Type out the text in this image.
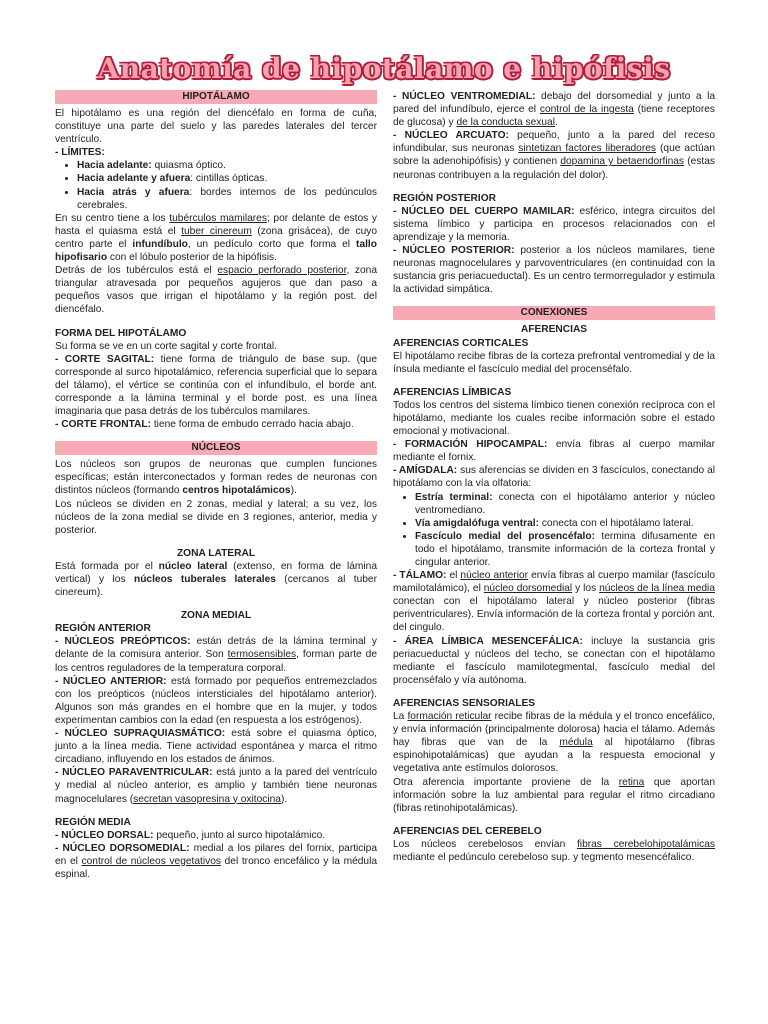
Anatomía de hipotálamo e hipófisis
HIPOTÁLAMO

El hipotálamo es una región del diencéfalo en forma de cuña, constituye una parte del suelo y las paredes laterales del tercer ventrículo.

- LÍMITES:

• Hacia adelante: quiasma óptico.
• Hacia adelante y afuera: cintillas ópticas.
• Hacia atrás y afuera: bordes internos de los pedúnculos cerebrales.

En su centro tiene a los tubérculos mamilares; por delante de estos y hasta el quiasma está el tuber cinereum (zona grisácea), de cuyo centro parte el infundíbulo, un pedículo corto que forma el tallo hipofisario con el lóbulo posterior de la hipófisis.

Detrás de los tubérculos está el espacio perforado posterior, zona triangular atravesada por pequeños agujeros que dan paso a pequeños vasos que irrigan el hipotálamo y la región post. del diencéfalo.

FORMA DEL HIPOTÁLAMO

Su forma se ve en un corte sagital y corte frontal.

- CORTE SAGITAL: tiene forma de triángulo de base sup. (que corresponde al surco hipotalámico, referencia superficial que lo separa del tálamo), el vértice se continúa con el infundíbulo, el borde ant. corresponde a la lámina terminal y el borde post. es una línea imaginaria que pasa detrás de los tubérculos mamilares.

- CORTE FRONTAL: tiene forma de embudo cerrado hacia abajo.

NÚCLEOS

Los núcleos son grupos de neuronas que cumplen funciones específicas; están interconectados y forman redes de neuronas con distintos núcleos (formando centros hipotalámicos).

Los núcleos se dividen en 2 zonas, medial y lateral; a su vez, los núcleos de la zona medial se divide en 3 regiones, anterior, media y posterior.

ZONA LATERAL

Está formada por el núcleo lateral (extenso, en forma de lámina vertical) y los núcleos tuberales laterales (cercanos al tuber cinereum).

ZONA MEDIAL

REGIÓN ANTERIOR

- NÚCLEOS PREÓPTICOS: están detrás de la lámina terminal y delante de la comisura anterior. Son termosensibles, forman parte de los centros reguladores de la temperatura corporal.

- NÚCLEO ANTERIOR: está formado por pequeños entremezclados con los preópticos (núcleos intersticiales del hipotálamo anterior). Algunos son más grandes en el hombre que en la mujer, y todos experimentan cambios con la edad (en respuesta a los estrógenos).

- NÚCLEO SUPRAQUIASMÁTICO: está sobre el quiasma óptico, junto a la línea media. Tiene actividad espontánea y marca el ritmo circadiano, influyendo en los estados de ánimos.

- NÚCLEO PARAVENTRICULAR: está junto a la pared del ventrículo y medial al núcleo anterior, es amplio y también tiene neuronas magnocelulares (secretan vasopresina y oxitocina).

REGIÓN MEDIA

- NÚCLEO DORSAL: pequeño, junto al surco hipotalámico.

- NÚCLEO DORSOMEDIAL: medial a los pilares del fornix, participa en el control de núcleos vegetativos del tronco encefálico y la médula espinal.

- NÚCLEO VENTROMEDIAL: debajo del dorsomedial y junto a la pared del infundíbulo, ejerce el control de la ingesta (tiene receptores de glucosa) y de la conducta sexual.

- NÚCLEO ARCUATO: pequeño, junto a la pared del receso infundibular, sus neuronas sintetizan factores liberadores (que actúan sobre la adenohipófisis) y contienen dopamina y betaendorfinas (estas neuronas contribuyen a la regulación del dolor).

REGIÓN POSTERIOR

- NÚCLEO DEL CUERPO MAMILAR: esférico, integra circuitos del sistema límbico y participa en procesos relacionados con el aprendizaje y la memoria.

- NÚCLEO POSTERIOR: posterior a los núcleos mamilares, tiene neuronas magnocelulares y parvoventriculares (en continuidad con la sustancia gris periacueductal). Es un centro termorregulador y estimula la actividad simpática.

CONEXIONES

AFERENCIAS

AFERENCIAS CORTICALES

El hipotálamo recibe fibras de la corteza prefrontal ventromedial y de la ínsula mediante el fascículo medial del procenséfalo.

AFERENCIAS LÍMBICAS

Todos los centros del sistema límbico tienen conexión recíproca con el hipotálamo, mediante los cuales recibe información sobre el estado emocional y motivacional.

- FORMACIÓN HIPOCAMPAL: envía fibras al cuerpo mamilar mediante el fornix.

- AMÍGDALA: sus aferencias se dividen en 3 fascículos, conectando al hipotálamo con la vía olfatoria:

• Estría terminal: conecta con el hipotálamo anterior y núcleo ventromediano.
• Vía amigdalófuga ventral: conecta con el hipotálamo lateral.
• Fascículo medial del prosencéfalo: termina difusamente en todo el hipotálamo, transmite información de la corteza frontal y cingular anterior.

- TÁLAMO: el núcleo anterior envía fibras al cuerpo mamilar (fascículo mamilotalámico), el núcleo dorsomedial y los núcleos de la línea media conectan con el hipotálamo lateral y núcleo posterior (fibras periventriculares). Envía información de la corteza frontal y porción ant. del cingulo.

- ÁREA LÍMBICA MESENCEFÁLICA: incluye la sustancia gris periacueductal y núcleos del techo, se conectan con el hipotálamo mediante el fascículo mamilotegmental, fascículo medial del procenséfalo y vía autónoma.

AFERENCIAS SENSORIALES

La formación reticular recibe fibras de la médula y el tronco encefálico, y envía información (principalmente dolorosa) hacia el tálamo. Además hay fibras que van de la médula al hipotálamo (fibras espinohipotalámicas) que ayudan a la respuesta emocional y vegetativa ante estímulos dolorosos.

Otra aferencia importante proviene de la retina que aportan información sobre la luz ambiental para regular el ritmo circadiano (fibras retinohipotalámicas).

AFERENCIAS DEL CEREBELO

Los núcleos cerebelosos envían fibras cerebelohipotalámicas mediante el pedúnculo cerebeloso sup. y tegmento mesencéfalico.
